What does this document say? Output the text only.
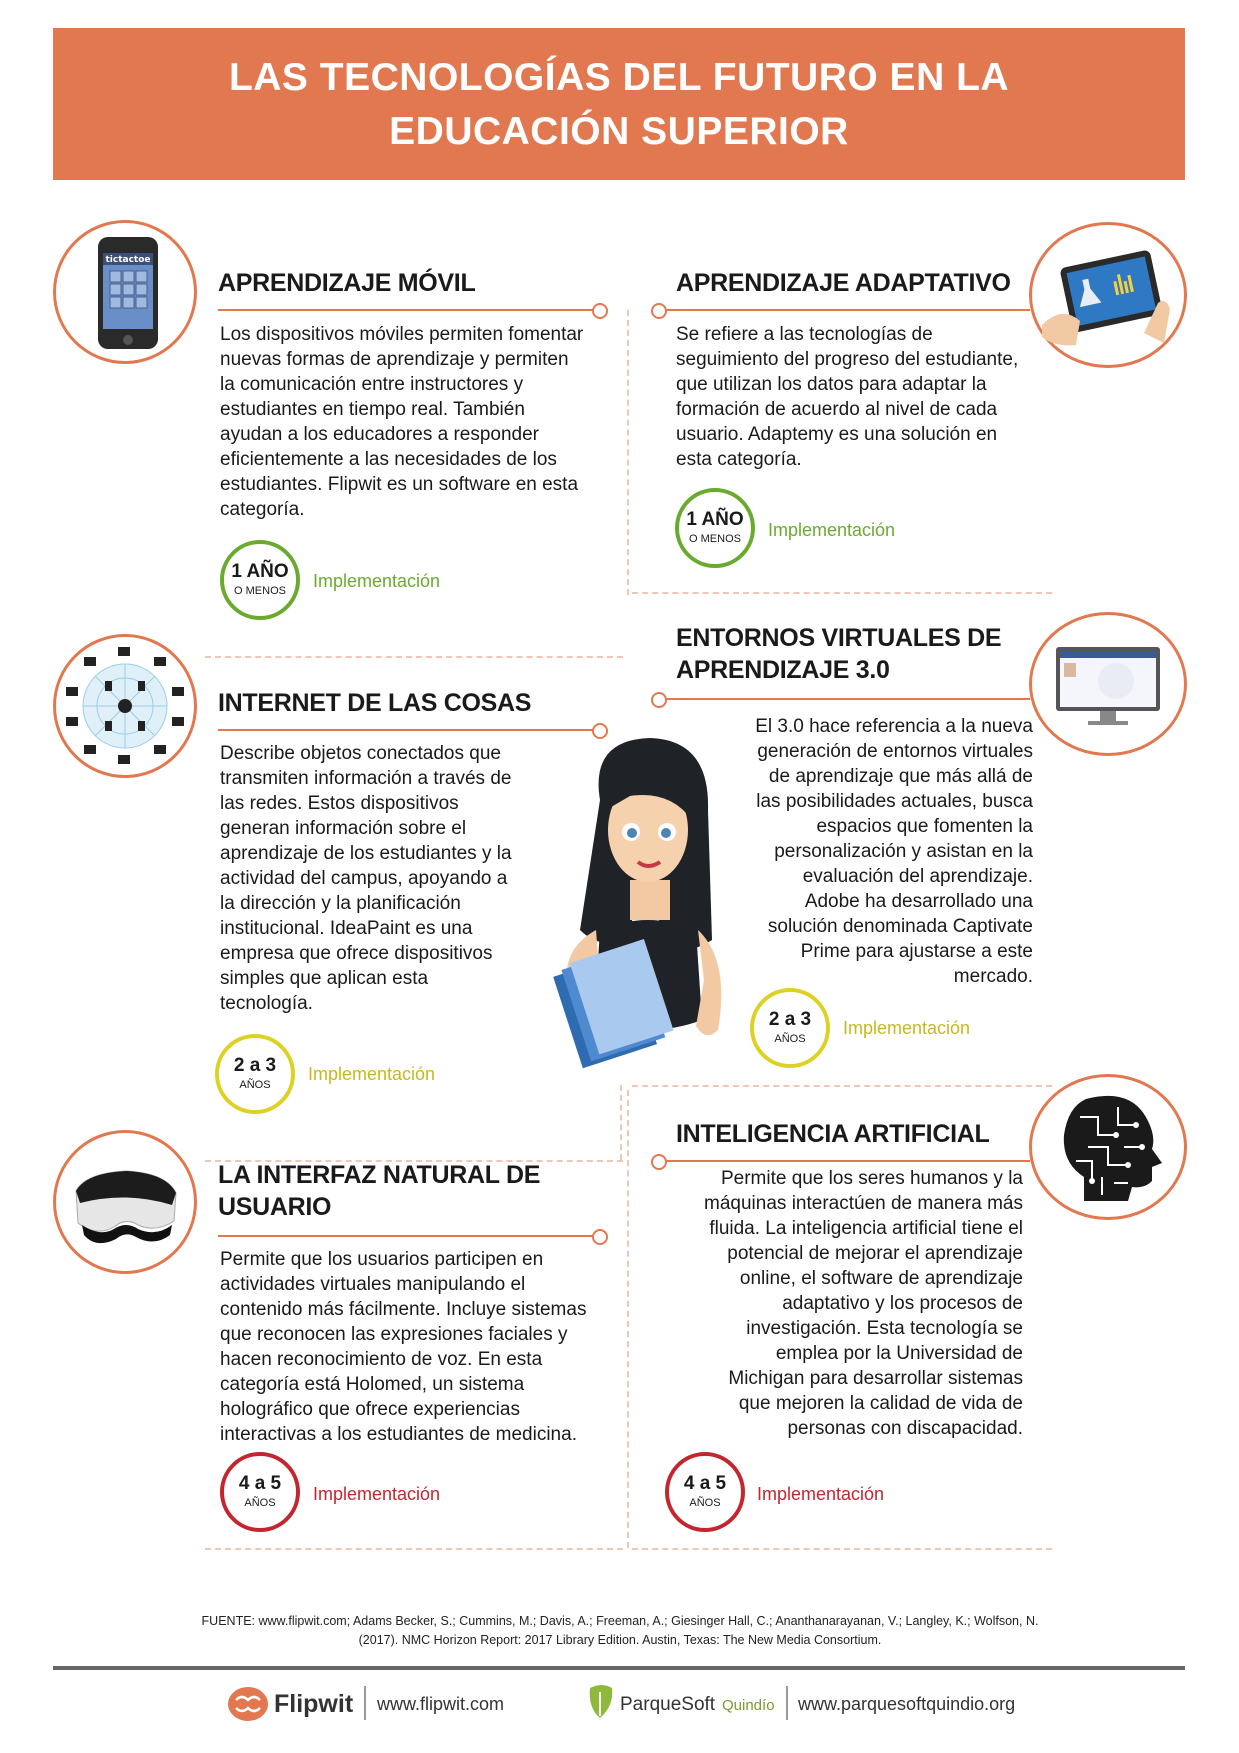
LAS TECNOLOGÍAS DEL FUTURO EN LA
EDUCACIÓN SUPERIOR
tictactoe
APRENDIZAJE MÓVIL
Los dispositivos móviles permiten fomentar
nuevas formas de aprendizaje y permiten
la comunicación entre instructores y
estudiantes en tiempo real. También
ayudan a los educadores a responder
eficientemente a las necesidades de los
estudiantes. Flipwit es un software en esta
categoría.
1 AÑO
O MENOS	Implementación
APRENDIZAJE ADAPTATIVO
Se refiere a las tecnologías de
seguimiento del progreso del estudiante,
que utilizan los datos para adaptar la
formación de acuerdo al nivel de cada
usuario. Adaptemy es una solución en
esta categoría.
1 AÑO
O MENOS	Implementación
INTERNET DE LAS COSAS
Describe objetos conectados que
transmiten información a través de
las redes. Estos dispositivos
generan información sobre el
aprendizaje de los estudiantes y la
actividad del campus, apoyando a
la dirección y la planificación
institucional. IdeaPaint es una
empresa que ofrece dispositivos
simples que aplican esta
tecnología.
2 a 3
AÑOS
Implementación
ENTORNOS VIRTUALES DE
APRENDIZAJE 3.0
El 3.0 hace referencia a la nueva
generación de entornos virtuales
de aprendizaje que más allá de
las posibilidades actuales, busca
espacios que fomenten la
personalización y asistan en la
evaluación del aprendizaje.
Adobe ha desarrollado una
solución denominada Captivate
Prime para ajustarse a este
mercado.
2 a 3
AÑOS
Implementación
LA INTERFAZ NATURAL DE
USUARIO
Permite que los usuarios participen en
actividades virtuales manipulando el
contenido más fácilmente. Incluye sistemas
que reconocen las expresiones faciales y
hacen reconocimiento de voz. En esta
categoría está Holomed, un sistema
holográfico que ofrece experiencias
interactivas a los estudiantes de medicina.
4 a 5
AÑOS	Implementación
INTELIGENCIA ARTIFICIAL
Permite que los seres humanos y la
máquinas interactúen de manera más
fluida. La inteligencia artificial tiene el
potencial de mejorar el aprendizaje
online, el software de aprendizaje
adaptativo y los procesos de
investigación. Esta tecnología se
emplea por la Universidad de
Michigan para desarrollar sistemas
que mejoren la calidad de vida de
personas con discapacidad.
4 a 5
AÑOS	Implementación
FUENTE: www.flipwit.com; Adams Becker, S.; Cummins, M.; Davis, A.; Freeman, A.; Giesinger Hall, C.; Ananthanarayanan, V.; Langley, K.; Wolfson, N.
(2017). NMC Horizon Report: 2017 Library Edition. Austin, Texas: The New Media Consortium.
Flipwit www.flipwit.com	ParqueSoft Quindío www.parquesoftquindio.org
